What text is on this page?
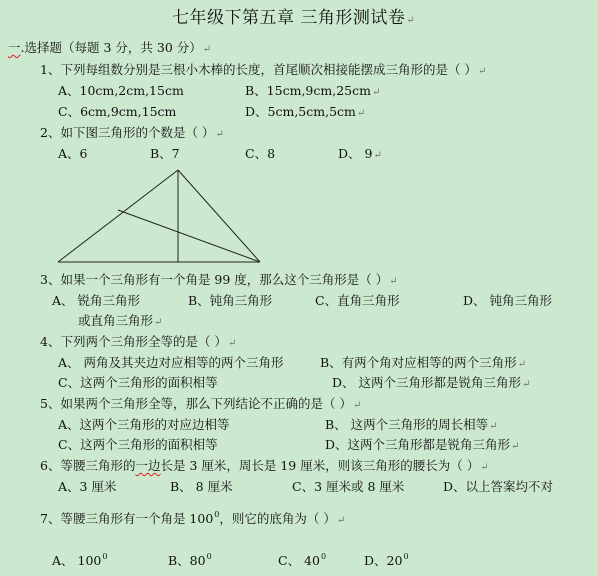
七年级下第五章 三角形测试卷↵
一.选择题（每题 3 分，共 30 分）↵
1、下列每组数分别是三根小木棒的长度，首尾顺次相接能摆成三角形的是（ ）↵
A、10cm,2cm,15cm	B、15cm,9cm,25cm↵
C、6cm,9cm,15cm	D、5cm,5cm,5cm↵
2、如下图三角形的个数是（ ）↵
A、6	B、7	C、8	D、 9↵
3、如果一个三角形有一个角是 99 度，那么这个三角形是（ ）↵
A、 锐角三角形	B、钝角三角形	C、直角三角形	D、 钝角三角形
或直角三角形↵
4、下列两个三角形全等的是（ ）↵
A、 两角及其夹边对应相等的两个三角形	B、有两个角对应相等的两个三角形↵
C、这两个三角形的面积相等	D、 这两个三角形都是锐角三角形↵
5、如果两个三角形全等，那么下列结论不正确的是（ ）↵
A、这两个三角形的对应边相等	B、 这两个三角形的周长相等↵
C、这两个三角形的面积相等	D、这两个三角形都是锐角三角形↵
6、等腰三角形的一边长是 3 厘米，周长是 19 厘米，则该三角形的腰长为（ ）↵
A、3 厘米	B、 8 厘米	C、3 厘米或 8 厘米	D、以上答案均不对
7、等腰三角形有一个角是 $100^0$，则它的底角为（ ）↵
A、 $100^0$	B、$80^0$	C、 $40^0$	D、$20^0$
